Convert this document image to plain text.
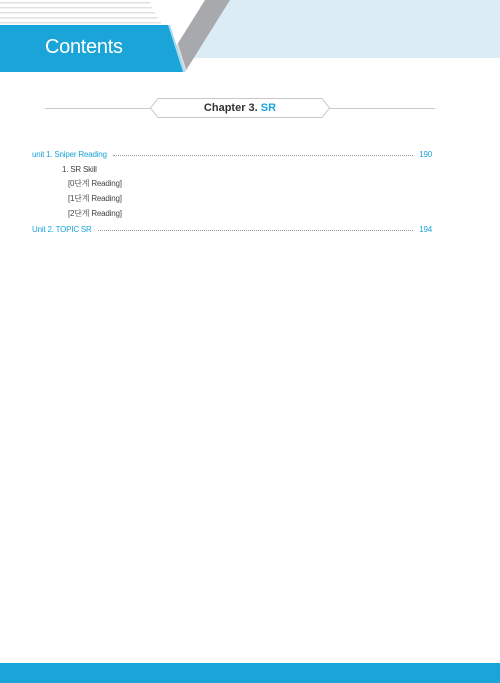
Contents
Chapter 3. SR
unit 1. Sniper Reading	190
1. SR Skill
[0단계 Reading]
[1단계 Reading]
[2단계 Reading]
Unit 2. TOPIC SR	194
